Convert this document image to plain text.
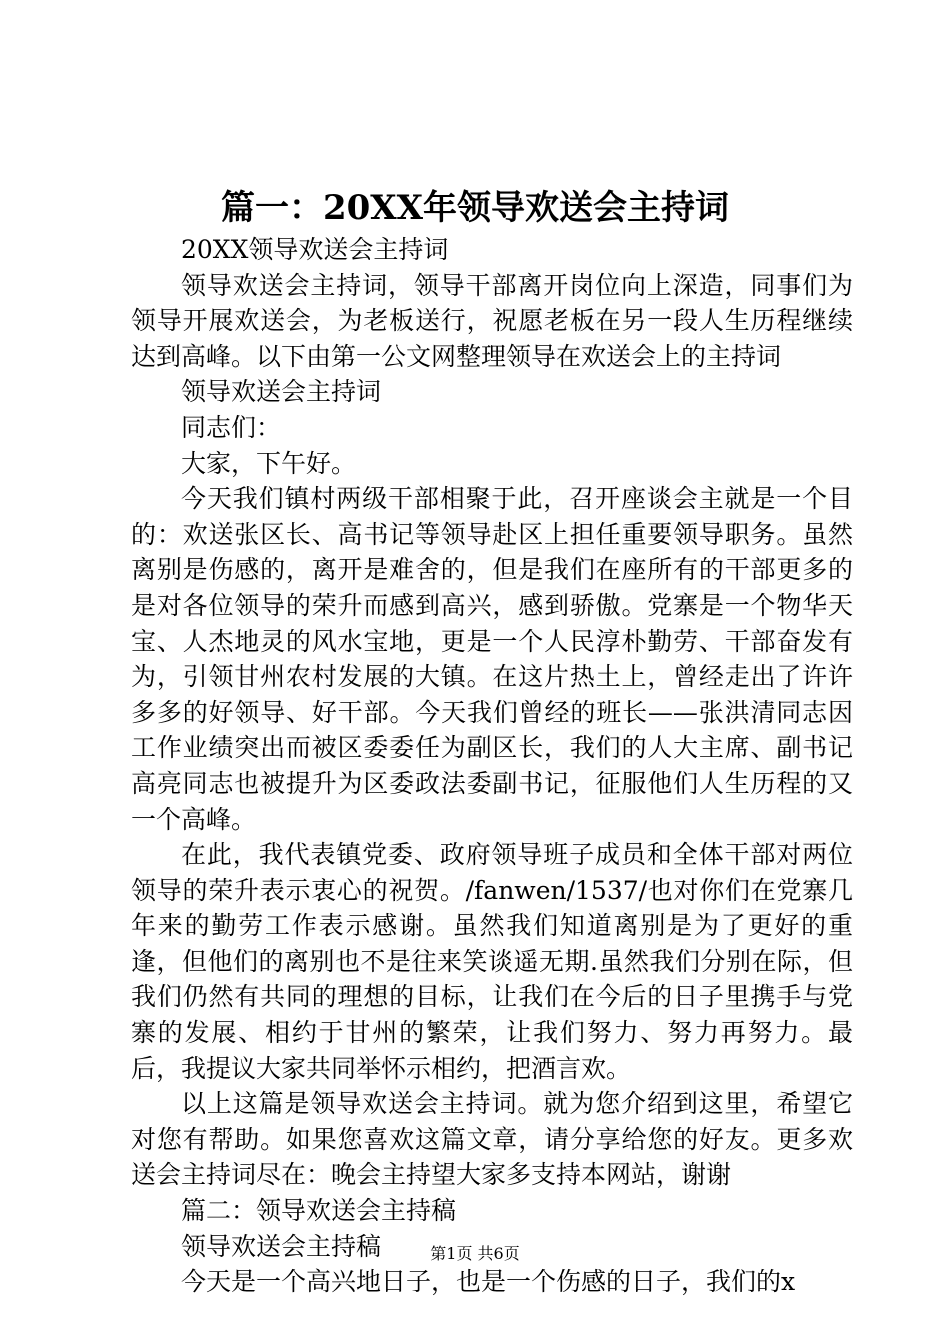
篇一：20XX年领导欢送会主持词

20XX领导欢送会主持词

领导欢送会主持词，领导干部离开岗位向上深造，同事们为领导开展欢送会，为老板送行，祝愿老板在另一段人生历程继续达到高峰。以下由第一公文网整理领导在欢送会上的主持词

领导欢送会主持词

同志们：

大家，下午好。

今天我们镇村两级干部相聚于此，召开座谈会主就是一个目的：欢送张区长、高书记等领导赴区上担任重要领导职务。虽然离别是伤感的，离开是难舍的，但是我们在座所有的干部更多的是对各位领导的荣升而感到高兴，感到骄傲。党寨是一个物华天宝、人杰地灵的风水宝地，更是一个人民淳朴勤劳、干部奋发有为，引领甘州农村发展的大镇。在这片热土上，曾经走出了许许多多的好领导、好干部。今天我们曾经的班长——张洪清同志因工作业绩突出而被区委委任为副区长，我们的人大主席、副书记高亮同志也被提升为区委政法委副书记，征服他们人生历程的又一个高峰。

在此，我代表镇党委、政府领导班子成员和全体干部对两位领导的荣升表示衷心的祝贺。/fanwen/1537/也对你们在党寨几年来的勤劳工作表示感谢。虽然我们知道离别是为了更好的重逢，但他们的离别也不是往来笑谈遥无期.虽然我们分别在际，但我们仍然有共同的理想的目标，让我们在今后的日子里携手与党寨的发展、相约于甘州的繁荣，让我们努力、努力再努力。最后，我提议大家共同举怀示相约，把酒言欢。

以上这篇是领导欢送会主持词。就为您介绍到这里，希望它对您有帮助。如果您喜欢这篇文章，请分享给您的好友。更多欢送会主持词尽在：晚会主持望大家多支持本网站，谢谢

篇二：领导欢送会主持稿

领导欢送会主持稿

今天是一个高兴地日子，也是一个伤感的日子，我们的x

第1页 共6页
